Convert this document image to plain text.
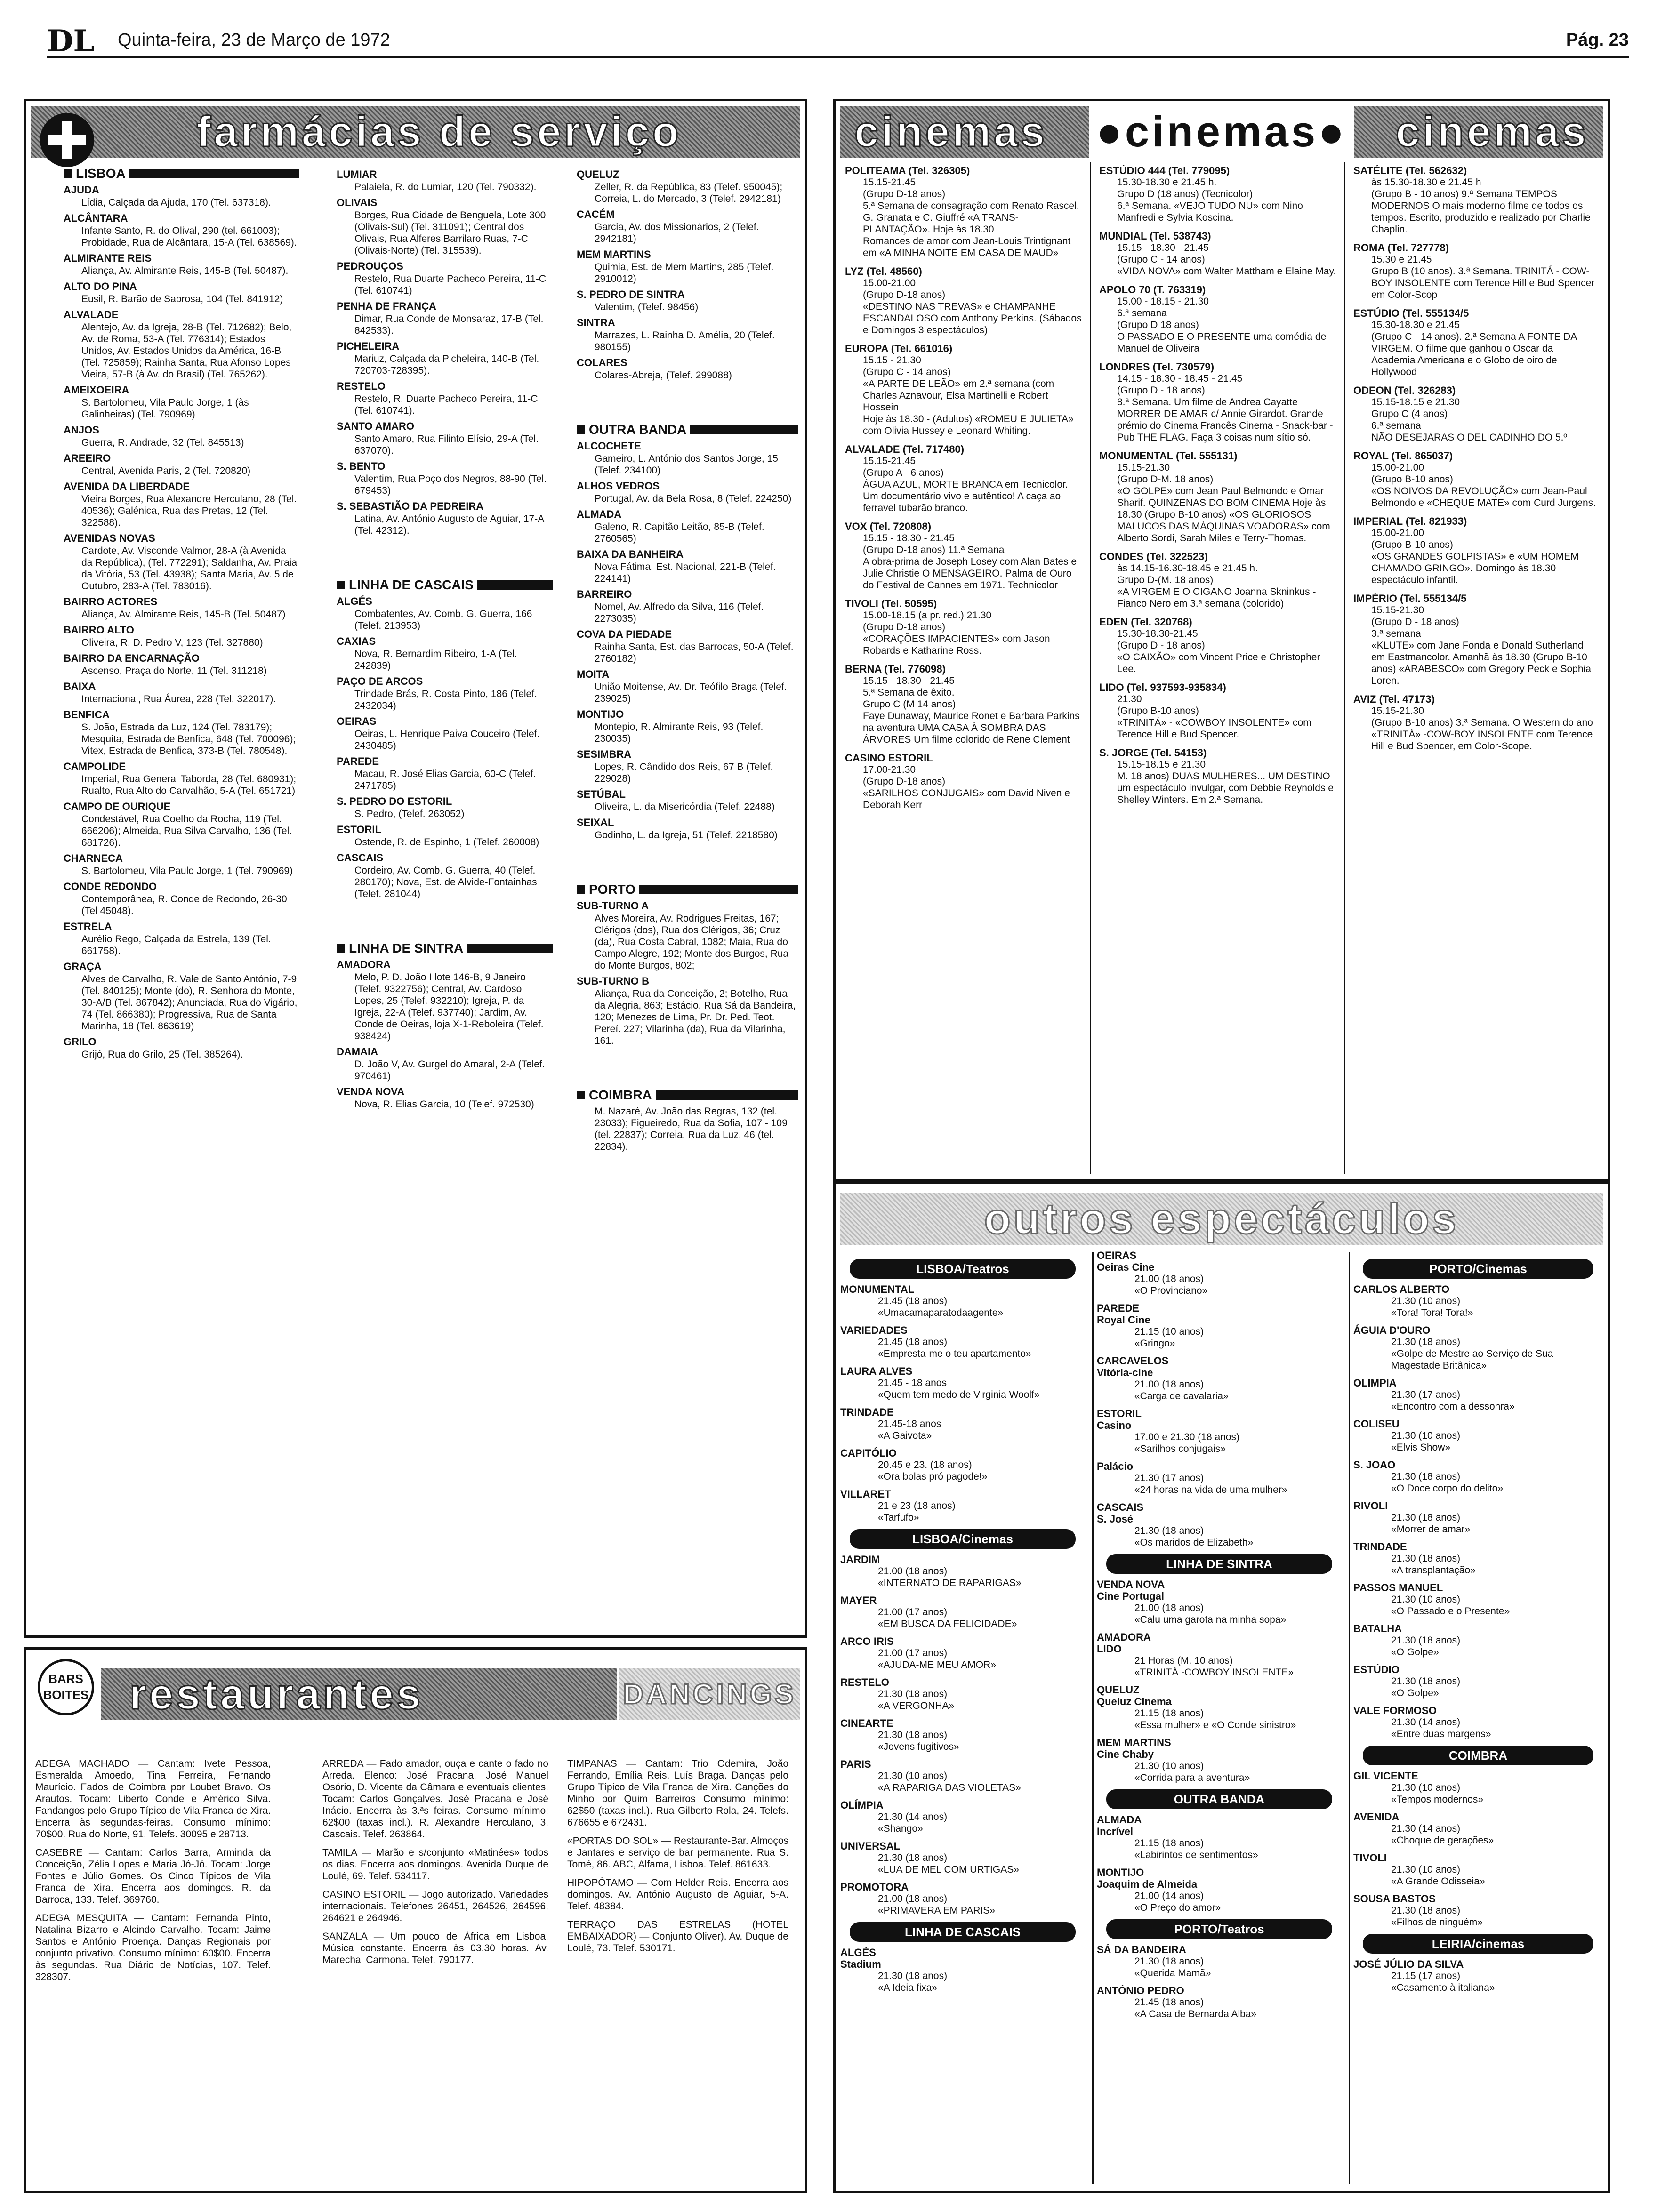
DL Quinta-feira, 23 de Março de 1972	Pág. 23
farmácias de serviço
LISBOA
AJUDA
Lídia, Calçada da Ajuda, 170 (Tel. 637318).
ALCÂNTARA
Infante Santo, R. do Olival, 290 (tel. 661003); Probidade, Rua de Alcântara, 15-A (Tel. 638569).
ALMIRANTE REIS
Aliança, Av. Almirante Reis, 145-B (Tel. 50487).
ALTO DO PINA
Eusil, R. Barão de Sabrosa, 104 (Tel. 841912)
ALVALADE
Alentejo, Av. da Igreja, 28-B (Tel. 712682); Belo, Av. de Roma, 53-A (Tel. 776314); Estados Unidos, Av. Estados Unidos da América, 16-B (Tel. 725859); Rainha Santa, Rua Afonso Lopes Vieira, 57-B (à Av. do Brasil) (Tel. 765262).
AMEIXOEIRA
S. Bartolomeu, Vila Paulo Jorge, 1 (às Galinheiras) (Tel. 790969)
ANJOS
Guerra, R. Andrade, 32 (Tel. 845513)
AREEIRO
Central, Avenida Paris, 2 (Tel. 720820)
AVENIDA DA LIBERDADE
Vieira Borges, Rua Alexandre Herculano, 28 (Tel. 40536); Galénica, Rua das Pretas, 12 (Tel. 322588).
AVENIDAS NOVAS
Cardote, Av. Visconde Valmor, 28-A (à Avenida da República), (Tel. 772291); Saldanha, Av. Praia da Vitória, 53 (Tel. 43938); Santa Maria, Av. 5 de Outubro, 283-A (Tel. 783016).
BAIRRO ACTORES
Aliança, Av. Almirante Reis, 145-B (Tel. 50487)
BAIRRO ALTO
Oliveira, R. D. Pedro V, 123 (Tel. 327880)
BAIRRO DA ENCARNAÇÃO
Ascenso, Praça do Norte, 11 (Tel. 311218)
BAIXA
Internacional, Rua Áurea, 228 (Tel. 322017).
BENFICA
S. João, Estrada da Luz, 124 (Tel. 783179); Mesquita, Estrada de Benfica, 648 (Tel. 700096); Vitex, Estrada de Benfica, 373-B (Tel. 780548).
CAMPOLIDE
Imperial, Rua General Taborda, 28 (Tel. 680931); Rualto, Rua Alto do Carvalhão, 5-A (Tel. 651721)
CAMPO DE OURIQUE
Condestável, Rua Coelho da Rocha, 119 (Tel. 666206); Almeida, Rua Silva Carvalho, 136 (Tel. 681726).
CHARNECA
S. Bartolomeu, Vila Paulo Jorge, 1 (Tel. 790969)
CONDE REDONDO
Contemporânea, R. Conde de Redondo, 26-30 (Tel 45048).
ESTRELA
Aurélio Rego, Calçada da Estrela, 139 (Tel. 661758).
GRAÇA
Alves de Carvalho, R. Vale de Santo António, 7-9 (Tel. 840125); Monte (do), R. Senhora do Monte, 30-A/B (Tel. 867842); Anunciada, Rua do Vigário, 74 (Tel. 866380); Progressiva, Rua de Santa Marinha, 18 (Tel. 863619)
GRILO
Grijó, Rua do Grilo, 25 (Tel. 385264).
LUMIAR
Palaiela, R. do Lumiar, 120 (Tel. 790332).
OLIVAIS
Borges, Rua Cidade de Benguela, Lote 300 (Olivais-Sul) (Tel. 311091); Central dos Olivais, Rua Alferes Barrilaro Ruas, 7-C (Olivais-Norte) (Tel. 315539).
PEDROUÇOS
Restelo, Rua Duarte Pacheco Pereira, 11-C (Tel. 610741)
PENHA DE FRANÇA
Dimar, Rua Conde de Monsaraz, 17-B (Tel. 842533).
PICHELEIRA
Mariuz, Calçada da Picheleira, 140-B (Tel. 720703-728395).
RESTELO
Restelo, R. Duarte Pacheco Pereira, 11-C (Tel. 610741).
SANTO AMARO
Santo Amaro, Rua Filinto Elísio, 29-A (Tel. 637070).
S. BENTO
Valentim, Rua Poço dos Negros, 88-90 (Tel. 679453)
S. SEBASTIÃO DA PEDREIRA
Latina, Av. António Augusto de Aguiar, 17-A (Tel. 42312).
LINHA DE CASCAIS
ALGÉS
Combatentes, Av. Comb. G. Guerra, 166 (Telef. 213953)
CAXIAS
Nova, R. Bernardim Ribeiro, 1-A (Tel. 242839)
PAÇO DE ARCOS
Trindade Brás, R. Costa Pinto, 186 (Telef. 2432034)
OEIRAS
Oeiras, L. Henrique Paiva Couceiro (Telef. 2430485)
PAREDE
Macau, R. José Elias Garcia, 60-C (Telef. 2471785)
S. PEDRO DO ESTORIL
S. Pedro, (Telef. 263052)
ESTORIL
Ostende, R. de Espinho, 1 (Telef. 260008)
CASCAIS
Cordeiro, Av. Comb. G. Guerra, 40 (Telef. 280170); Nova, Est. de Alvide-Fontainhas (Telef. 281044)
LINHA DE SINTRA
AMADORA
Melo, P. D. João I lote 146-B, 9 Janeiro (Telef. 9322756); Central, Av. Cardoso Lopes, 25 (Telef. 932210); Igreja, P. da Igreja, 22-A (Telef. 937740); Jardim, Av. Conde de Oeiras, loja X-1-Reboleira (Telef. 938424)
DAMAIA
D. João V, Av. Gurgel do Amaral, 2-A (Telef. 970461)
VENDA NOVA
Nova, R. Elias Garcia, 10 (Telef. 972530)
QUELUZ
Zeller, R. da República, 83 (Telef. 950045); Correia, L. do Mercado, 3 (Telef. 2942181)
CACÉM
Garcia, Av. dos Missionários, 2 (Telef. 2942181)
MEM MARTINS
Quimia, Est. de Mem Martins, 285 (Telef. 2910012)
S. PEDRO DE SINTRA
Valentim, (Telef. 98456)
SINTRA
Marrazes, L. Rainha D. Amélia, 20 (Telef. 980155)
COLARES
Colares-Abreja, (Telef. 299088)
OUTRA BANDA
ALCOCHETE
Gameiro, L. António dos Santos Jorge, 15 (Telef. 234100)
ALHOS VEDROS
Portugal, Av. da Bela Rosa, 8 (Telef. 224250)
ALMADA
Galeno, R. Capitão Leitão, 85-B (Telef. 2760565)
BAIXA DA BANHEIRA
Nova Fátima, Est. Nacional, 221-B (Telef. 224141)
BARREIRO
Nomel, Av. Alfredo da Silva, 116 (Telef. 2273035)
COVA DA PIEDADE
Rainha Santa, Est. das Barrocas, 50-A (Telef. 2760182)
MOITA
União Moitense, Av. Dr. Teófilo Braga (Telef. 239025)
MONTIJO
Montepio, R. Almirante Reis, 93 (Telef. 230035)
SESIMBRA
Lopes, R. Cândido dos Reis, 67 B (Telef. 229028)
SETÚBAL
Oliveira, L. da Misericórdia (Telef. 22488)
SEIXAL
Godinho, L. da Igreja, 51 (Telef. 2218580)
PORTO
SUB-TURNO A
Alves Moreira, Av. Rodrigues Freitas, 167; Clérigos (dos), Rua dos Clérigos, 36; Cruz (da), Rua Costa Cabral, 1082; Maia, Rua do Campo Alegre, 192; Monte dos Burgos, Rua do Monte Burgos, 802;
SUB-TURNO B
Aliança, Rua da Conceição, 2; Botelho, Rua da Alegria, 863; Estácio, Rua Sá da Bandeira, 120; Menezes de Lima, Pr. Dr. Ped. Teot. Pereí. 227; Vilarinha (da), Rua da Vilarinha, 161.
COIMBRA
M. Nazaré, Av. João das Regras, 132 (tel. 23033); Figueiredo, Rua da Sofia, 107 - 109 (tel. 22837); Correia, Rua da Luz, 46 (tel. 22834).
cinemas ●cinemas● cinemas
POLITEAMA (Tel. 326305)
15.15-21.45
(Grupo D-18 anos)
5.ª Semana de consagração com Renato Rascel, G. Granata e C. Giuffré «A TRANS-PLANTAÇÃO». Hoje às 18.30
Romances de amor com Jean-Louis Trintignant em «A MINHA NOITE EM CASA DE MAUD»
LYZ (Tel. 48560)
15.00-21.00
(Grupo D-18 anos)
«DESTINO NAS TREVAS» e CHAMPANHE ESCANDALOSO com Anthony Perkins. (Sábados e Domingos 3 espectáculos)
EUROPA (Tel. 661016)
15.15 - 21.30
(Grupo C - 14 anos)
«A PARTE DE LEÃO» em 2.ª semana (com Charles Aznavour, Elsa Martinelli e Robert Hossein
Hoje às 18.30 - (Adultos) «ROMEU E JULIETA» com Olivia Hussey e Leonard Whiting.
ALVALADE (Tel. 717480)
15.15-21.45
(Grupo A - 6 anos)
ÁGUA AZUL, MORTE BRANCA em Tecnicolor. Um documentário vivo e autêntico! A caça ao ferravel tubarão branco.
VOX (Tel. 720808)
15.15 - 18.30 - 21.45
(Grupo D-18 anos) 11.ª Semana
A obra-prima de Joseph Losey com Alan Bates e Julie Christie O MENSAGEIRO. Palma de Ouro do Festival de Cannes em 1971. Technicolor
TIVOLI (Tel. 50595)
15.00-18.15 (a pr. red.) 21.30
(Grupo D-18 anos)
«CORAÇÕES IMPACIENTES» com Jason Robards e Katharine Ross.
BERNA (Tel. 776098)
15.15 - 18.30 - 21.45
5.ª Semana de êxito.
Grupo C (M 14 anos)
Faye Dunaway, Maurice Ronet e Barbara Parkins na aventura UMA CASA À SOMBRA DAS ÁRVORES Um filme colorido de Rene Clement
CASINO ESTORIL
17.00-21.30
(Grupo D-18 anos)
«SARILHOS CONJUGAIS» com David Niven e Deborah Kerr
ESTÚDIO 444 (Tel. 779095)
15.30-18.30 e 21.45 h.
Grupo D (18 anos) (Tecnicolor)
6.ª Semana. «VEJO TUDO NU» com Nino Manfredi e Sylvia Koscina.
MUNDIAL (Tel. 538743)
15.15 - 18.30 - 21.45
(Grupo C - 14 anos)
«VIDA NOVA» com Walter Mattham e Elaine May.
APOLO 70 (T. 763319)
15.00 - 18.15 - 21.30
6.ª semana
(Grupo D 18 anos)
O PASSADO E O PRESENTE uma comédia de Manuel de Oliveira
LONDRES (Tel. 730579)
14.15 - 18.30 - 18.45 - 21.45
(Grupo D - 18 anos)
8.ª Semana. Um filme de Andrea Cayatte MORRER DE AMAR c/ Annie Girardot. Grande prémio do Cinema Francês Cinema - Snack-bar - Pub THE FLAG. Faça 3 coisas num sítio só.
MONUMENTAL (Tel. 555131)
15.15-21.30
(Grupo D-M. 18 anos)
«O GOLPE» com Jean Paul Belmondo e Omar Sharif. QUINZENAS DO BOM CINEMA Hoje às 18.30 (Grupo B-10 anos) «OS GLORIOSOS MALUCOS DAS MÁQUINAS VOADORAS» com Alberto Sordi, Sarah Miles e Terry-Thomas.
CONDES (Tel. 322523)
às 14.15-16.30-18.45 e 21.45 h.
Grupo D-(M. 18 anos)
«A VIRGEM E O CIGANO Joanna Skninkus - Fianco Nero em 3.ª semana (colorido)
EDEN (Tel. 320768)
15.30-18.30-21.45
(Grupo D - 18 anos)
«O CAIXÃO» com Vincent Price e Christopher Lee.
LIDO (Tel. 937593-935834)
21.30
(Grupo B-10 anos)
«TRINITÁ» - «COWBOY INSOLENTE» com Terence Hill e Bud Spencer.
S. JORGE (Tel. 54153)
15.15-18.15 e 21.30
M. 18 anos) DUAS MULHERES... UM DESTINO um espectáculo invulgar, com Debbie Reynolds e Shelley Winters. Em 2.ª Semana.
SATÉLITE (Tel. 562632)
às 15.30-18.30 e 21.45 h
(Grupo B - 10 anos) 9.ª Semana TEMPOS MODERNOS O mais moderno filme de todos os tempos. Escrito, produzido e realizado por Charlie Chaplin.
ROMA (Tel. 727778)
15.30 e 21.45
Grupo B (10 anos). 3.ª Semana. TRINITÁ - COW-BOY INSOLENTE com Terence Hill e Bud Spencer em Color-Scop
ESTÚDIO (Tel. 555134/5
15.30-18.30 e 21.45
(Grupo C - 14 anos). 2.ª Semana A FONTE DA VIRGEM. O filme que ganhou o Oscar da Academia Americana e o Globo de oiro de Hollywood
ODEON (Tel. 326283)
15.15-18.15 e 21.30
Grupo C (4 anos)
6.ª semana
NÃO DESEJARAS O DELICADINHO DO 5.º
ROYAL (Tel. 865037)
15.00-21.00
(Grupo B-10 anos)
«OS NOIVOS DA REVOLUÇÃO» com Jean-Paul Belmondo e «CHEQUE MATE» com Curd Jurgens.
IMPERIAL (Tel. 821933)
15.00-21.00
(Grupo B-10 anos)
«OS GRANDES GOLPISTAS» e «UM HOMEM CHAMADO GRINGO». Domingo às 18.30 espectáculo infantil.
IMPÉRIO (Tel. 555134/5
15.15-21.30
(Grupo D - 18 anos)
3.ª semana
«KLUTE» com Jane Fonda e Donald Sutherland em Eastmancolor. Amanhã às 18.30 (Grupo B-10 anos) «ARABESCO» com Gregory Peck e Sophia Loren.
AVIZ (Tel. 47173)
15.15-21.30
(Grupo B-10 anos) 3.ª Semana. O Western do ano «TRINITÁ» -COW-BOY INSOLENTE com Terence Hill e Bud Spencer, em Color-Scope.
outros espectáculos
LISBOA/Teatros
MONUMENTAL
21.45 (18 anos)
«Umacamaparatodaagente»
VARIEDADES
21.45 (18 anos)
«Empresta-me o teu apartamento»
LAURA ALVES
21.45 - 18 anos
«Quem tem medo de Virginia Woolf»
TRINDADE
21.45-18 anos
«A Gaivota»
CAPITÓLIO
20.45 e 23. (18 anos)
«Ora bolas pró pagode!»
VILLARET
21 e 23 (18 anos)
«Tarfufo»
LISBOA/Cinemas
JARDIM
21.00 (18 anos)
«INTERNATO DE RAPARIGAS»
MAYER
21.00 (17 anos)
«EM BUSCA DA FELICIDADE»
ARCO IRIS
21.00 (17 anos)
«AJUDA-ME MEU AMOR»
RESTELO
21.30 (18 anos)
«A VERGONHA»
CINEARTE
21.30 (18 anos)
«Jovens fugitivos»
PARIS
21.30 (10 anos)
«A RAPARIGA DAS VIOLETAS»
OLÍMPIA
21.30 (14 anos)
«Shango»
UNIVERSAL
21.30 (18 anos)
«LUA DE MEL COM URTIGAS»
PROMOTORA
21.00 (18 anos)
«PRIMAVERA EM PARIS»
LINHA DE CASCAIS
ALGÉS
Stadium
21.30 (18 anos)
«A Ideia fixa»
OEIRAS
Oeiras Cine
21.00 (18 anos)
«O Provinciano»
PAREDE
Royal Cine
21.15 (10 anos)
«Gringo»
CARCAVELOS
Vitória-cine
21.00 (18 anos)
«Carga de cavalaria»
ESTORIL
Casino
17.00 e 21.30 (18 anos)
«Sarilhos conjugais»
Palácio
21.30 (17 anos)
«24 horas na vida de uma mulher»
CASCAIS
S. José
21.30 (18 anos)
«Os maridos de Elizabeth»
LINHA DE SINTRA
VENDA NOVA
Cine Portugal
21.00 (18 anos)
«Calu uma garota na minha sopa»
AMADORA
LIDO
21 Horas (M. 10 anos)
«TRINITÁ -COWBOY INSOLENTE»
QUELUZ
Queluz Cinema
21.15 (18 anos)
«Essa mulher» e «O Conde sinistro»
MEM MARTINS
Cine Chaby
21.30 (10 anos)
«Corrida para a aventura»
OUTRA BANDA
ALMADA
Incrível
21.15 (18 anos)
«Labirintos de sentimentos»
MONTIJO
Joaquim de Almeida
21.00 (14 anos)
«O Preço do amor»
PORTO/Teatros
SÁ DA BANDEIRA
21.30 (18 anos)
«Querida Mamã»
ANTÓNIO PEDRO
21.45 (18 anos)
«A Casa de Bernarda Alba»
PORTO/Cinemas
CARLOS ALBERTO
21.30 (10 anos)
«Tora! Tora! Tora!»
ÁGUIA D'OURO
21.30 (18 anos)
«Golpe de Mestre ao Serviço de Sua Magestade Britânica»
OLIMPIA
21.30 (17 anos)
«Encontro com a dessonra»
COLISEU
21.30 (10 anos)
«Elvis Show»
S. JOAO
21.30 (18 anos)
«O Doce corpo do delito»
RIVOLI
21.30 (18 anos)
«Morrer de amar»
TRINDADE
21.30 (18 anos)
«A transplantação»
PASSOS MANUEL
21.30 (10 anos)
«O Passado e o Presente»
BATALHA
21.30 (18 anos)
«O Golpe»
ESTÚDIO
21.30 (18 anos)
«O Golpe»
VALE FORMOSO
21.30 (14 anos)
«Entre duas margens»
COIMBRA
GIL VICENTE
21.30 (10 anos)
«Tempos modernos»
AVENIDA
21.30 (14 anos)
«Choque de gerações»
TIVOLI
21.30 (10 anos)
«A Grande Odisseia»
SOUSA BASTOS
21.30 (18 anos)
«Filhos de ninguém»
LEIRIA/cinemas
JOSÉ JÚLIO DA SILVA
21.15 (17 anos)
«Casamento à italiana»
BARS BOITES restaurantes	DANCINGS

ADEGA MACHADO — Cantam: Ivete Pessoa, Esmeralda Amoedo, Tina Ferreira, Fernando Maurício. Fados de Coimbra por Loubet Bravo. Os Arautos. Tocam: Liberto Conde e Américo Silva. Fandangos pelo Grupo Típico de Vila Franca de Xira. Encerra às segundas-feiras. Consumo mínimo: 70$00. Rua do Norte, 91. Telefs. 30095 e 28713.

CASEBRE — Cantam: Carlos Barra, Arminda da Conceição, Zélia Lopes e Maria Jó-Jó. Tocam: Jorge Fontes e Júlio Gomes. Os Cinco Típicos de Vila Franca de Xira. Encerra aos domingos. R. da Barroca, 133. Telef. 369760.

ADEGA MESQUITA — Cantam: Fernanda Pinto, Natalina Bizarro e Alcindo Carvalho. Tocam: Jaime Santos e António Proença. Danças Regionais por conjunto privativo. Consumo mínimo: 60$00. Encerra às segundas. Rua Diário de Notícias, 107. Telef. 328307.

ARREDA — Fado amador, ouça e cante o fado no Arreda. Elenco: José Pracana, José Manuel Osório, D. Vicente da Câmara e eventuais clientes. Tocam: Carlos Gonçalves, José Pracana e José Inácio. Encerra às 3.ªs feiras. Consumo mínimo: 62$00 (taxas incl.). R. Alexandre Herculano, 3, Cascais. Telef. 263864.

TAMILA — Marão e s/conjunto «Matinées» todos os dias. Encerra aos domingos. Avenida Duque de Loulé, 69. Telef. 534117.

CASINO ESTORIL — Jogo autorizado. Variedades internacionais. Telefones 26451, 264526, 264596, 264621 e 264946.

SANZALA — Um pouco de África em Lisboa. Música constante. Encerra às 03.30 horas. Av. Marechal Carmona. Telef. 790177.

TIMPANAS — Cantam: Trio Odemira, João Ferrando, Emília Reis, Luís Braga. Danças pelo Grupo Típico de Vila Franca de Xira. Canções do Minho por Quim Barreiros Consumo mínimo: 62$50 (taxas incl.). Rua Gilberto Rola, 24. Telefs. 676655 e 672431.

«PORTAS DO SOL» — Restaurante-Bar. Almoços e Jantares e serviço de bar permanente. Rua S. Tomé, 86. ABC, Alfama, Lisboa. Telef. 861633.

HIPOPÓTAMO — Com Helder Reis. Encerra aos domingos. Av. António Augusto de Aguiar, 5-A. Telef. 48384.

TERRAÇO DAS ESTRELAS (HOTEL EMBAIXADOR) — Conjunto Oliver). Av. Duque de Loulé, 73. Telef. 530171.
